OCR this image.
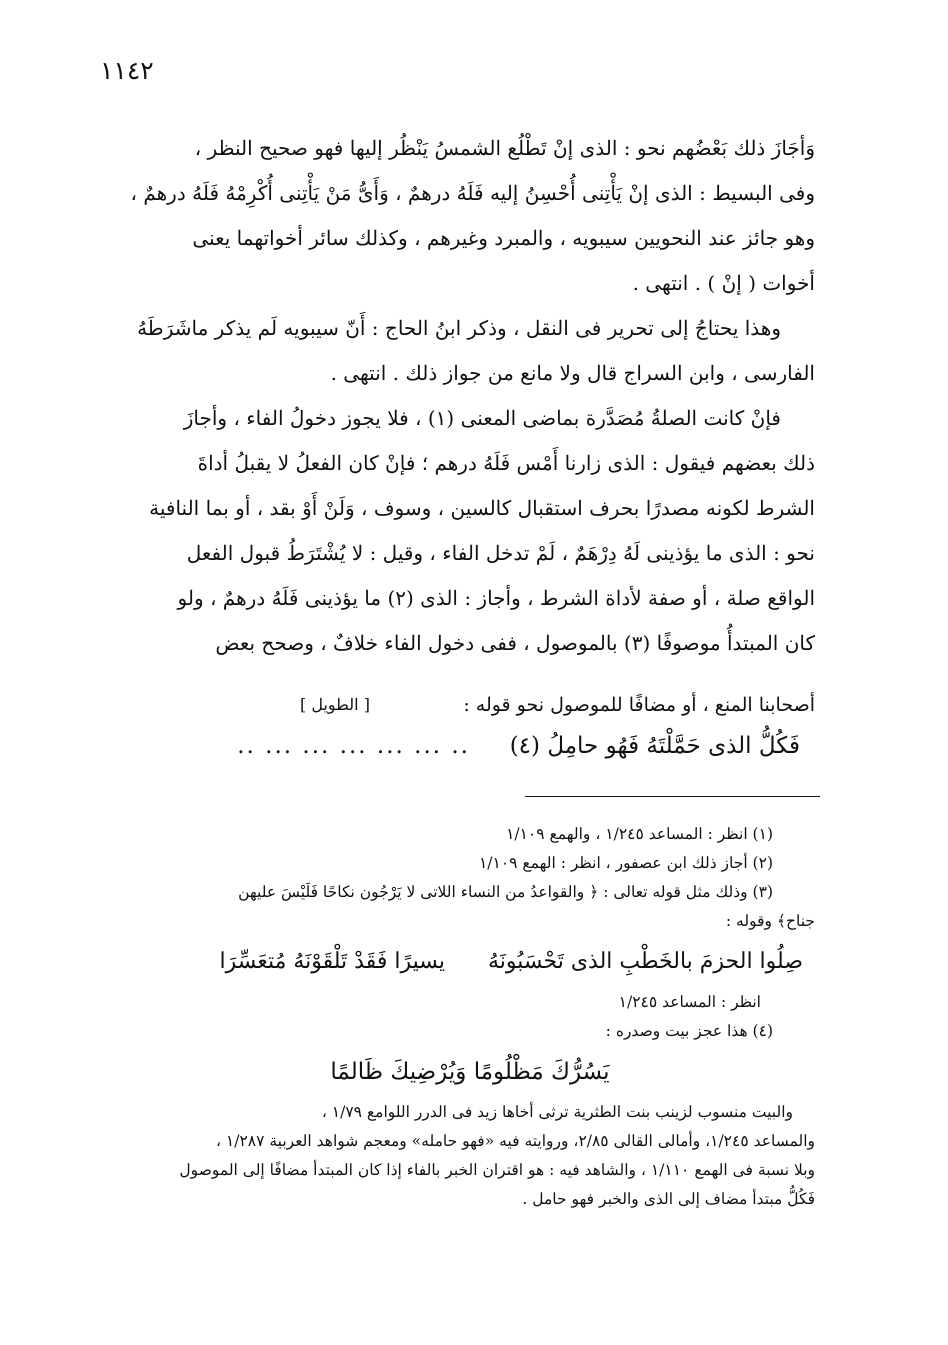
١١٤٢

وَأجَازَ ذلك بَعْضُهم نحو : الذى إنْ تَطْلُع الشمسُ يَنْظُر إليها فهو صحيح النظر ،

وفى البسيط : الذى إنْ يَأْتِنى أُحْسِنُ إليه فَلَهُ درهمٌ ، وَأَىُّ مَنْ يَأْتِنى أُكْرِمْهُ فَلَهُ درهمٌ ،

وهو جائز عند النحويين سيبويه ، والمبرد وغيرهم ، وكذلك سائر أخواتهما يعنى

أخوات ( إنْ ) . انتهى .

وهذا يحتاجُ إلى تحرير فى النقل ، وذكر ابنُ الحاج : أَنّ سيبويه لَم يذكر ماشَرَطَهُ

الفارسى ، وابن السراج قال ولا مانع من جواز ذلك . انتهى .

فإنْ كانت الصلةُ مُصَدَّرة بماضى المعنى (١) ، فلا يجوز دخولُ الفاء ، وأجازَ

ذلك بعضهم فيقول : الذى زارنا أَمْس فَلَهُ درهم ؛ فإنْ كان الفعلُ لا يقبلُ أداةَ

الشرط لكونه مصدرًا بحرف استقبال كالسين ، وسوف ، وَلَنْ أَوْ بقد ، أو بما النافية

نحو : الذى ما يؤذينى لَهُ دِرْهَمٌ ، لَمْ تدخل الفاء ، وقيل : لا يُشْتَرَطُ قبول الفعل

الواقع صلة ، أو صفة لأداة الشرط ، وأجاز : الذى (٢) ما يؤذينى فَلَهُ درهمٌ ، ولو

كان المبتدأُ موصوفًا (٣) بالموصول ، ففى دخول الفاء خلافٌ ، وصحح بعض

أصحابنا المنع ، أو مضافًا للموصول نحو قوله :
[ الطويل ]
فَكُلُّ الذى حَمَّلْتَهُ فَهُو حامِلُ (٤)
.. ... ... ... ... ... ..
(١) انظر : المساعد ١/٢٤٥ ، والهمع ١/١٠٩
(٢) أجاز ذلك ابن عصفور ، انظر : الهمع ١/١٠٩
(٣) وذلك مثل قوله تعالى : ﴿ والقواعدُ من النساء اللاتى لا يَرْجُون نكاحًا فَلَيْسَ عليهن
جناح﴾ وقوله :
صِلُوا الحزمَ بالخَطْبِ الذى تَحْسَبُونَهُ
يسيرًا فَقَدْ تَلْقَوْنَهُ مُتعَسِّرَا
انظر : المساعد ١/٢٤٥
(٤) هذا عجز بيت وصدره :
يَسُرُّكَ مَظْلُومًا وَيُرْضِيكَ ظَالمًا
والبيت منسوب لزينب بنت الطثرية ترثى أخاها زيد فى الدرر اللوامع ١/٧٩ ،
والمساعد ١/٢٤٥، وأمالى القالى ٢/٨٥، وروايته فيه «فهو حامله» ومعجم شواهد العربية ١/٢٨٧ ،
وبلا نسبة فى الهمع ١/١١٠ ، والشاهد فيه : هو اقتران الخبر بالفاء إذا كان المبتدأ مضافًا إلى الموصول
فَكُلُّ مبتدأ مضاف إلى الذى والخبر فهو حامل .
